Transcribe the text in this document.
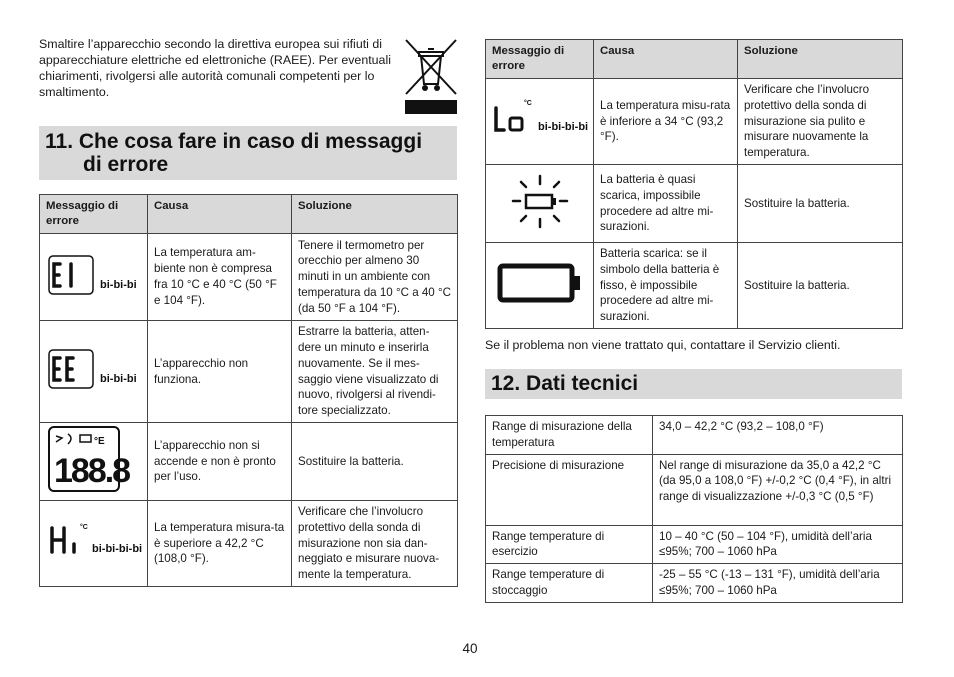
Smaltire l’apparecchio secondo la direttiva europea sui rifiuti di apparecchiature elettriche ed elettroniche (RAEE). Per eventuali chiarimenti, rivolgersi alle autorità comunali competenti per lo smaltimento.
11. Che cosa fare in caso di messaggi
di errore
Messaggio di errore	Causa	Soluzione

bi-bi-bi	La temperatura am-biente non è compresa fra 10 °C e 40 °C (50 °F e 104 °F).	Tenere il termometro per orecchio per almeno 30 minuti in un ambiente con temperatura da 10 °C a 40 °C (da 50 °F a 104 °F).

bi-bi-bi	L’apparecchio non funziona.	Estrarre la batteria, atten-dere un minuto e inserirla nuovamente. Se il mes-saggio viene visualizzato di nuovo, rivolgersi al rivendi-tore specializzato.

°E
188.8	L’apparecchio non si accende e non è pronto per l’uso.	Sostituire la batteria.

°C
bi-bi-bi-bi	La temperatura misura-ta è superiore a 42,2 °C (108,0 °F).	Verificare che l’involucro protettivo della sonda di misurazione non sia dan-neggiato e misurare nuova-mente la temperatura.
Messaggio di errore	Causa	Soluzione

°C
bi-bi-bi-bi	La temperatura misu-rata è inferiore a 34 °C (93,2 °F).	Verificare che l’involucro protettivo della sonda di misurazione sia pulito e misurare nuovamente la temperatura.
	La batteria è quasi scarica, impossibile procedere ad altre mi-surazioni.	Sostituire la batteria.
	Batteria scarica: se il simbolo della batteria è fisso, è impossibile procedere ad altre mi-surazioni.	Sostituire la batteria.
Se il problema non viene trattato qui, contattare il Servizio clienti.
12. Dati tecnici
Range di misurazione della temperatura	34,0 – 42,2 °C (93,2 – 108,0 °F)
Precisione di misurazione	Nel range di misurazione da 35,0 a 42,2 °C (da 95,0 a 108,0 °F) +/-0,2 °C (0,4 °F), in altri range di visualizzazione +/-0,3 °C (0,5 °F)
Range temperature di esercizio	10 – 40 °C (50 – 104 °F), umidità dell’aria ≤95%; 700 – 1060 hPa
Range temperature di stoccaggio	-25 – 55 °C (-13 – 131 °F), umidità dell’aria ≤95%; 700 – 1060 hPa
40
